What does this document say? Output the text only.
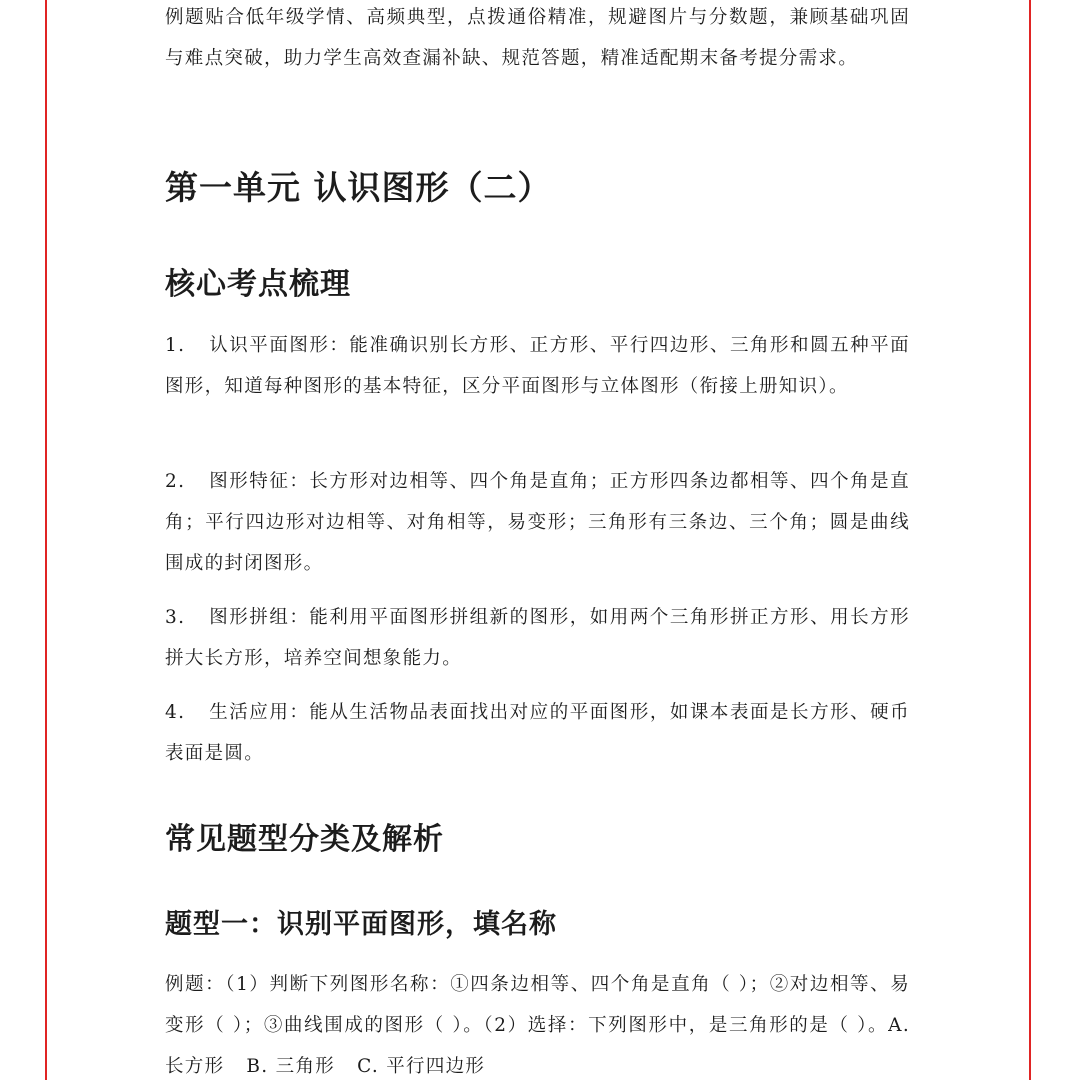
例题贴合低年级学情、高频典型，点拨通俗精准，规避图片与分数题，兼顾基础巩固与难点突破，助力学生高效查漏补缺、规范答题，精准适配期末备考提分需求。

第一单元 认识图形（二）
核心考点梳理

1. 认识平面图形：能准确识别长方形、正方形、平行四边形、三角形和圆五种平面图形，知道每种图形的基本特征，区分平面图形与立体图形（衔接上册知识）。

2. 图形特征：长方形对边相等、四个角是直角；正方形四条边都相等、四个角是直角；平行四边形对边相等、对角相等，易变形；三角形有三条边、三个角；圆是曲线围成的封闭图形。

3. 图形拼组：能利用平面图形拼组新的图形，如用两个三角形拼正方形、用长方形拼大长方形，培养空间想象能力。

4. 生活应用：能从生活物品表面找出对应的平面图形，如课本表面是长方形、硬币表面是圆。

常见题型分类及解析
题型一：识别平面图形，填名称

例题：（1）判断下列图形名称：①四条边相等、四个角是直角（ ）；②对边相等、易变形（ ）；③曲线围成的图形（ ）。（2）选择：下列图形中，是三角形的是（ ）。A. 长方形 B. 三角形 C. 平行四边形
